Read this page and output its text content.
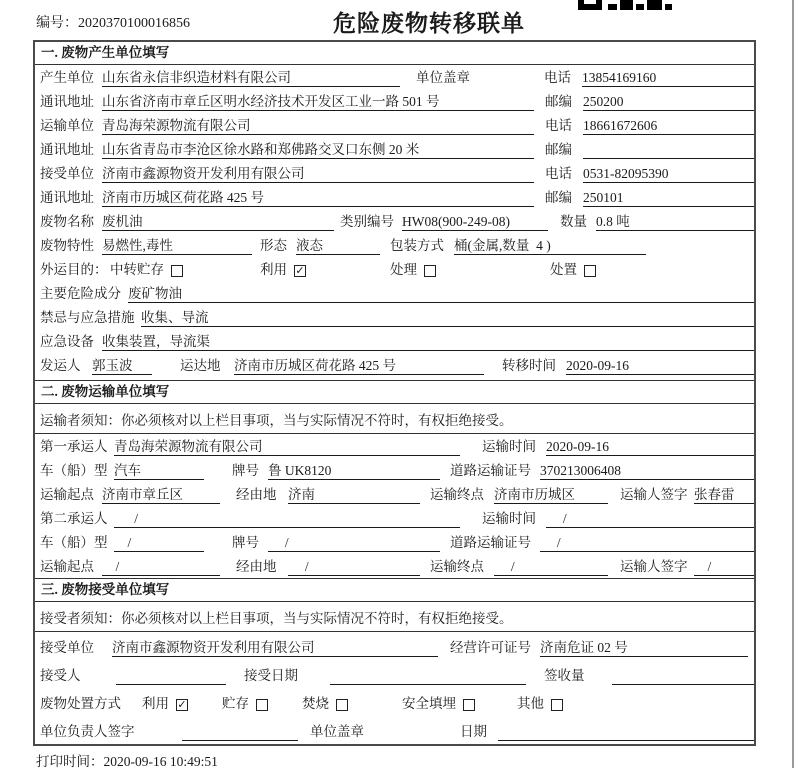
编号：2020370100016856	危险废物转移联单
一. 废物产生单位填写
产生单位 山东省永信非织造材料有限公司	单位盖章	电话 13854169160
通讯地址 山东省济南市章丘区明水经济技术开发区工业一路 501 号	邮编 250200
运输单位 青岛海荣源物流有限公司	电话 18661672606
通讯地址 山东省青岛市李沧区徐水路和郑佛路交叉口东侧 20 米	邮编
接受单位 济南市鑫源物资开发利用有限公司	电话 0531-82095390
通讯地址 济南市历城区荷花路 425 号	邮编 250101
废物名称 废机油	类别编号 HW08(900-249-08)	数量 0.8 吨
废物特性 易燃性,毒性	形态 液态	包装方式 桶(金属,数量  4 )
外运目的： 中转贮存	利用 ✓	处理	处置
主要危险成分 废矿物油
禁忌与应急措施 收集、导流
应急设备 收集装置，导流渠
发运人 郭玉波	运达地 济南市历城区荷花路 425 号	转移时间 2020-09-16
二. 废物运输单位填写
运输者须知：你必须核对以上栏目事项，当与实际情况不符时，有权拒绝接受。
第一承运人 青岛海荣源物流有限公司	运输时间 2020-09-16
车（船）型 汽车	牌号 鲁 UK8120	道路运输证号 370213006408
运输起点 济南市章丘区	经由地 济南	运输终点 济南市历城区	运输人签字 张春雷
第二承运人 /	运输时间 /
车（船）型 /	牌号 /	道路运输证号 /
运输起点 /	经由地 /	运输终点 /	运输人签字 /
三. 废物接受单位填写
接受者须知：你必须核对以上栏目事项，当与实际情况不符时，有权拒绝接受。
接受单位 济南市鑫源物资开发利用有限公司	经营许可证号 济南危证 02 号
接受人	接受日期	签收量
废物处置方式 利用 ✓	贮存	焚烧	安全填埋	其他
单位负责人签字	单位盖章	日期
打印时间：2020-09-16 10:49:51
